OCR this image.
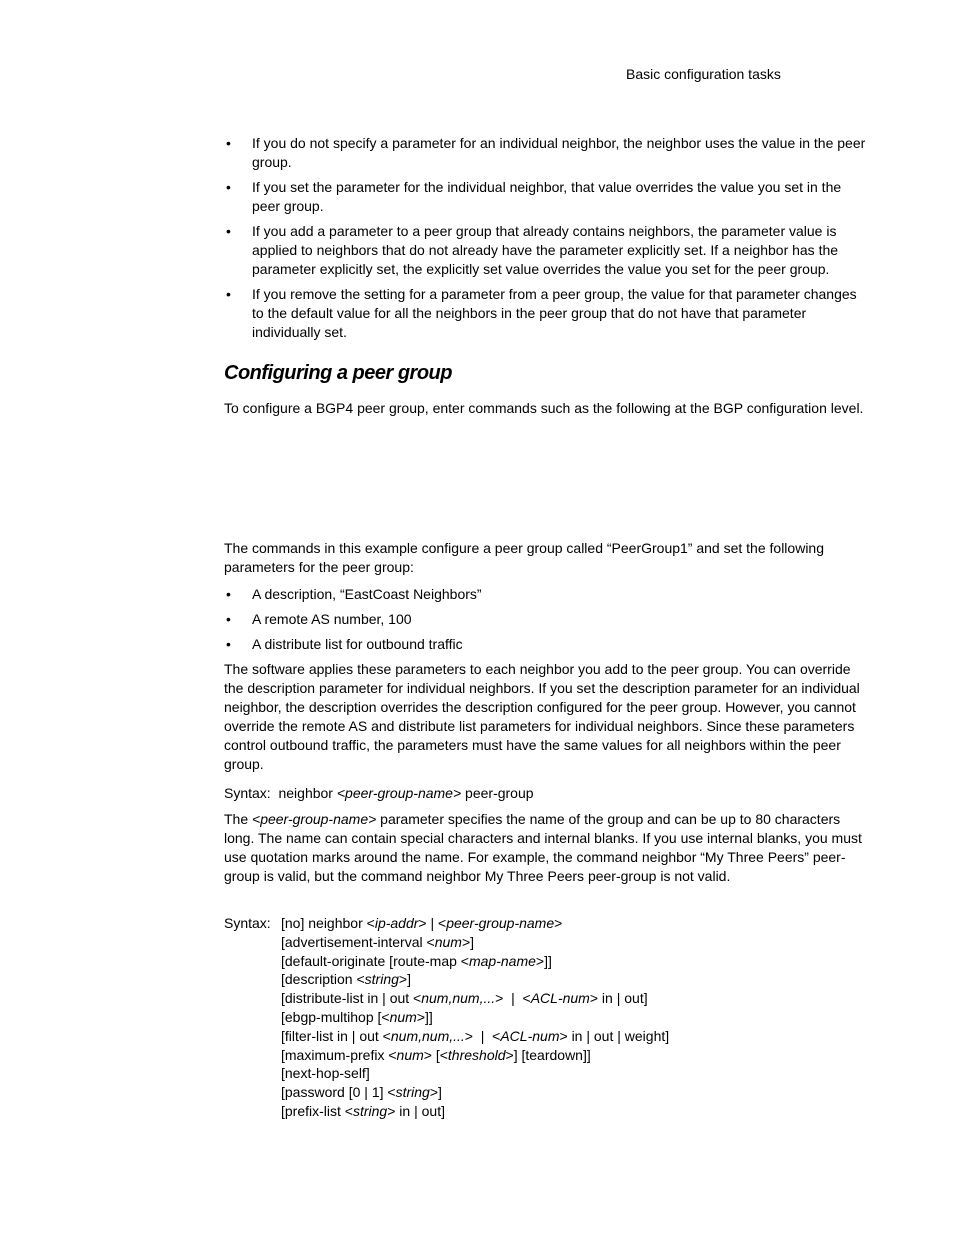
Basic configuration tasks
• If you do not specify a parameter for an individual neighbor, the neighbor uses the value in the peer group.
• If you set the parameter for the individual neighbor, that value overrides the value you set in the peer group.
• If you add a parameter to a peer group that already contains neighbors, the parameter value is applied to neighbors that do not already have the parameter explicitly set. If a neighbor has the parameter explicitly set, the explicitly set value overrides the value you set for the peer group.
• If you remove the setting for a parameter from a peer group, the value for that parameter changes to the default value for all the neighbors in the peer group that do not have that parameter individually set.
Configuring a peer group
To configure a BGP4 peer group, enter commands such as the following at the BGP configuration level.
The commands in this example configure a peer group called “PeerGroup1” and set the following parameters for the peer group:
• A description, “EastCoast Neighbors”
• A remote AS number, 100
• A distribute list for outbound traffic
The software applies these parameters to each neighbor you add to the peer group. You can override the description parameter for individual neighbors. If you set the description parameter for an individual neighbor, the description overrides the description configured for the peer group. However, you cannot override the remote AS and distribute list parameters for individual neighbors. Since these parameters control outbound traffic, the parameters must have the same values for all neighbors within the peer group.
Syntax: neighbor <peer-group-name> peer-group
The <peer-group-name> parameter specifies the name of the group and can be up to 80 characters long. The name can contain special characters and internal blanks. If you use internal blanks, you must use quotation marks around the name. For example, the command neighbor “My Three Peers” peer-group is valid, but the command neighbor My Three Peers peer-group is not valid.
Syntax: [no] neighbor <ip-addr> | <peer-group-name>
[advertisement-interval <num>]
[default-originate [route-map <map-name>]]
[description <string>]
[distribute-list in | out <num,num,...>  |  <ACL-num> in | out]
[ebgp-multihop [<num>]]
[filter-list in | out <num,num,...>  |  <ACL-num> in | out | weight]
[maximum-prefix <num> [<threshold>] [teardown]]
[next-hop-self]
[password [0 | 1] <string>]
[prefix-list <string> in | out]
